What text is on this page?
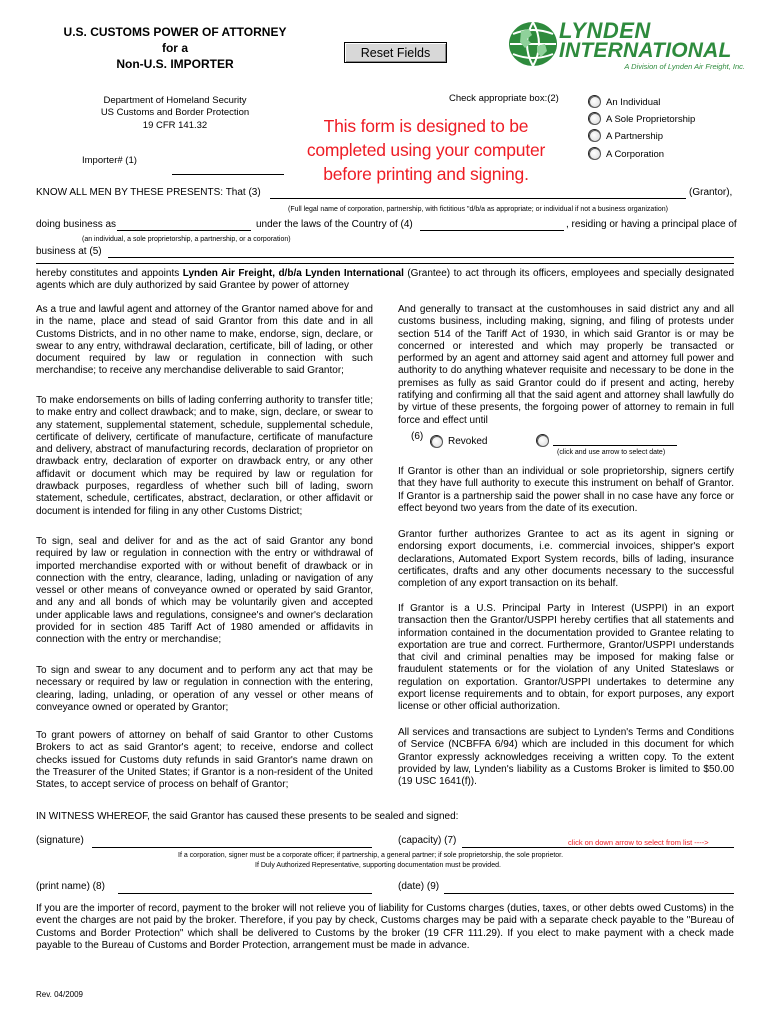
U.S. CUSTOMS POWER OF ATTORNEY
for a
Non-U.S. IMPORTER
Reset Fields
LYNDEN
INTERNATIONAL
A Division of Lynden Air Freight, Inc.
Department of Homeland Security
US Customs and Border Protection
19 CFR 141.32
Importer# (1)
This form is designed to be
completed using your computer
before printing and signing.
Check appropriate box:(2)	An Individual
A Sole Proprietorship
A Partnership
A Corporation
KNOW ALL MEN BY THESE PRESENTS: That (3)	(Grantor),
(Full legal name of corporation, partnership, with fictitious "d/b/a as appropriate; or individual if not a business organization)
doing business as	under the laws of the Country of (4)	, residing or having a principal place of
(an individual, a sole proprietorship, a partnership, or a corporation)
business at (5)
hereby constitutes and appoints Lynden Air Freight, d/b/a Lynden International (Grantee) to act through its officers, employees and specially designated agents which are duly authorized by said Grantee by power of attorney
As a true and lawful agent and attorney of the Grantor named above for and in the name, place and stead of said Grantor from this date and in all Customs Districts, and in no other name to make, endorse, sign, declare, or swear to any entry, withdrawal declaration, certificate, bill of lading, or other document required by law or regulation in connection with such merchandise; to receive any merchandise deliverable to said Grantor;
To make endorsements on bills of lading conferring authority to transfer title; to make entry and collect drawback; and to make, sign, declare, or swear to any statement, supplemental statement, schedule, supplemental schedule, certificate of delivery, certificate of manufacture, certificate of manufacture and delivery, abstract of manufacturing records, declaration of proprietor on drawback entry, declaration of exporter on drawback entry, or any other affidavit or document which may be required by law or regulation for drawback purposes, regardless of whether such bill of lading, sworn statement, schedule, certificates, abstract, declaration, or other affidavit or document is intended for filing in any other Customs District;
To sign, seal and deliver for and as the act of said Grantor any bond required by law or regulation in connection with the entry or withdrawal of imported merchandise exported with or without benefit of drawback or in connection with the entry, clearance, lading, unlading or navigation of any vessel or other means of conveyance owned or operated by said Grantor, and any and all bonds of which may be voluntarily given and accepted under applicable laws and regulations, consignee's and owner's declaration provided for in section 485 Tariff Act of 1980 amended or affidavits in connection with the entry or merchandise;
To sign and swear to any document and to perform any act that may be necessary or required by law or regulation in connection with the entering, clearing, lading, unlading, or operation of any vessel or other means of conveyance owned or operated by Grantor;
To grant powers of attorney on behalf of said Grantor to other Customs Brokers to act as said Grantor's agent; to receive, endorse and collect checks issued for Customs duty refunds in said Grantor's name drawn on the Treasurer of the United States; if Grantor is a non-resident of the United States, to accept service of process on behalf of Grantor;
And generally to transact at the customhouses in said district any and all customs business, including making, signing, and filing of protests under section 514 of the Tariff Act of 1930, in which said Grantor is or may be concerned or interested and which may properly be transacted or performed by an agent and attorney said agent and attorney full power and authority to do anything whatever requisite and necessary to be done in the premises as fully as said Grantor could do if present and acting, hereby ratifying and confirming all that the said agent and attorney shall lawfully do by virtue of these presents, the forgoing power of attorney to remain in full force and effect until
(6) Revoked
(click and use arrow to select date)
If Grantor is other than an individual or sole proprietorship, signers certify that they have full authority to execute this instrument on behalf of Grantor. If Grantor is a partnership said the power shall in no case have any force or effect beyond two years from the date of its execution.
Grantor further authorizes Grantee to act as its agent in signing or endorsing export documents, i.e. commercial invoices, shipper's export declarations, Automated Export System records, bills of lading, insurance certificates, drafts and any other documents necessary to the successful completion of any export transaction on its behalf.
If Grantor is a U.S. Principal Party in Interest (USPPI) in an export transaction then the Grantor/USPPI hereby certifies that all statements and information contained in the documentation provided to Grantee relating to exportation are true and correct. Furthermore, Grantor/USPPI understands that civil and criminal penalties may be imposed for making false or fraudulent statements or for the violation of any United Stateslaws or regulation on exportation. Grantor/USPPI undertakes to determine any export license requirements and to obtain, for export purposes, any export license or other official authorization.
All services and transactions are subject to Lynden's Terms and Conditions of Service (NCBFFA 6/94) which are included in this document for which Grantor expressly acknowledges receiving a written copy. To the extent provided by law, Lynden's liability as a Customs Broker is limited to $50.00 (19 USC 1641(f)).
IN WITNESS WHEREOF, the said Grantor has caused these presents to be sealed and signed:
(signature)	(capacity) (7)	click on down arrow to select from list ---->
If a corporation, signer must be a corporate officer; if partnership, a general partner; if sole proprietorship, the sole proprietor.
If Duly Authorized Representative, supporting documentation must be provided.
(print name) (8)	(date) (9)
If you are the importer of record, payment to the broker will not relieve you of liability for Customs charges (duties, taxes, or other debts owed Customs) in the event the charges are not paid by the broker. Therefore, if you pay by check, Customs charges may be paid with a separate check payable to the "Bureau of Customs and Border Protection" which shall be delivered to Customs by the broker (19 CFR 111.29). If you elect to make payment with a check made payable to the Bureau of Customs and Border Protection, arrangement must be made in advance.
Rev. 04/2009
